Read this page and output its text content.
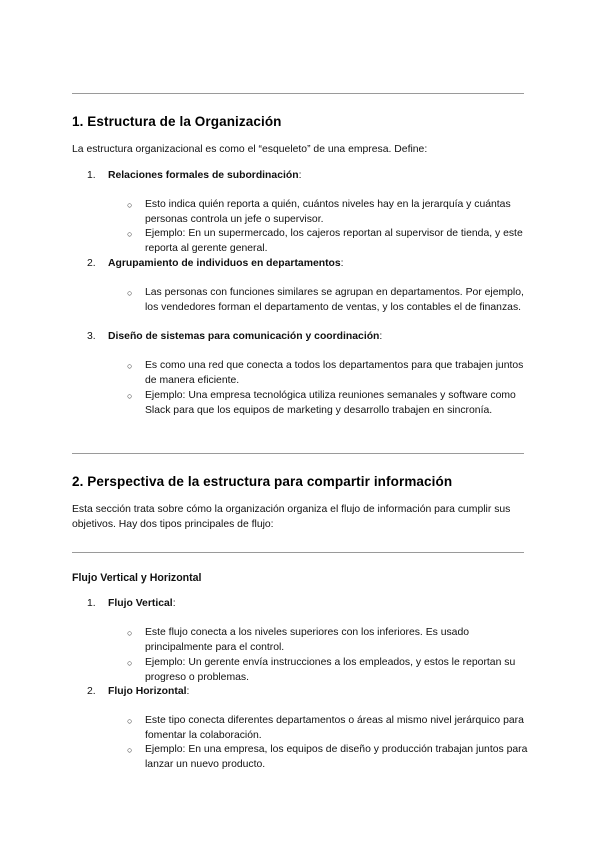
1. Estructura de la Organización
La estructura organizacional es como el “esqueleto” de una empresa. Define:
1. Relaciones formales de subordinación:
○ Esto indica quién reporta a quién, cuántos niveles hay en la jerarquía y cuántas personas controla un jefe o supervisor.
○ Ejemplo: En un supermercado, los cajeros reportan al supervisor de tienda, y este reporta al gerente general.
2. Agrupamiento de individuos en departamentos:
○ Las personas con funciones similares se agrupan en departamentos. Por ejemplo, los vendedores forman el departamento de ventas, y los contables el de finanzas.
3. Diseño de sistemas para comunicación y coordinación:
○ Es como una red que conecta a todos los departamentos para que trabajen juntos de manera eficiente.
○ Ejemplo: Una empresa tecnológica utiliza reuniones semanales y software como Slack para que los equipos de marketing y desarrollo trabajen en sincronía.
2. Perspectiva de la estructura para compartir información
Esta sección trata sobre cómo la organización organiza el flujo de información para cumplir sus objetivos. Hay dos tipos principales de flujo:
Flujo Vertical y Horizontal
1. Flujo Vertical:
○ Este flujo conecta a los niveles superiores con los inferiores. Es usado principalmente para el control.
○ Ejemplo: Un gerente envía instrucciones a los empleados, y estos le reportan su progreso o problemas.
2. Flujo Horizontal:
○ Este tipo conecta diferentes departamentos o áreas al mismo nivel jerárquico para fomentar la colaboración.
○ Ejemplo: En una empresa, los equipos de diseño y producción trabajan juntos para lanzar un nuevo producto.
